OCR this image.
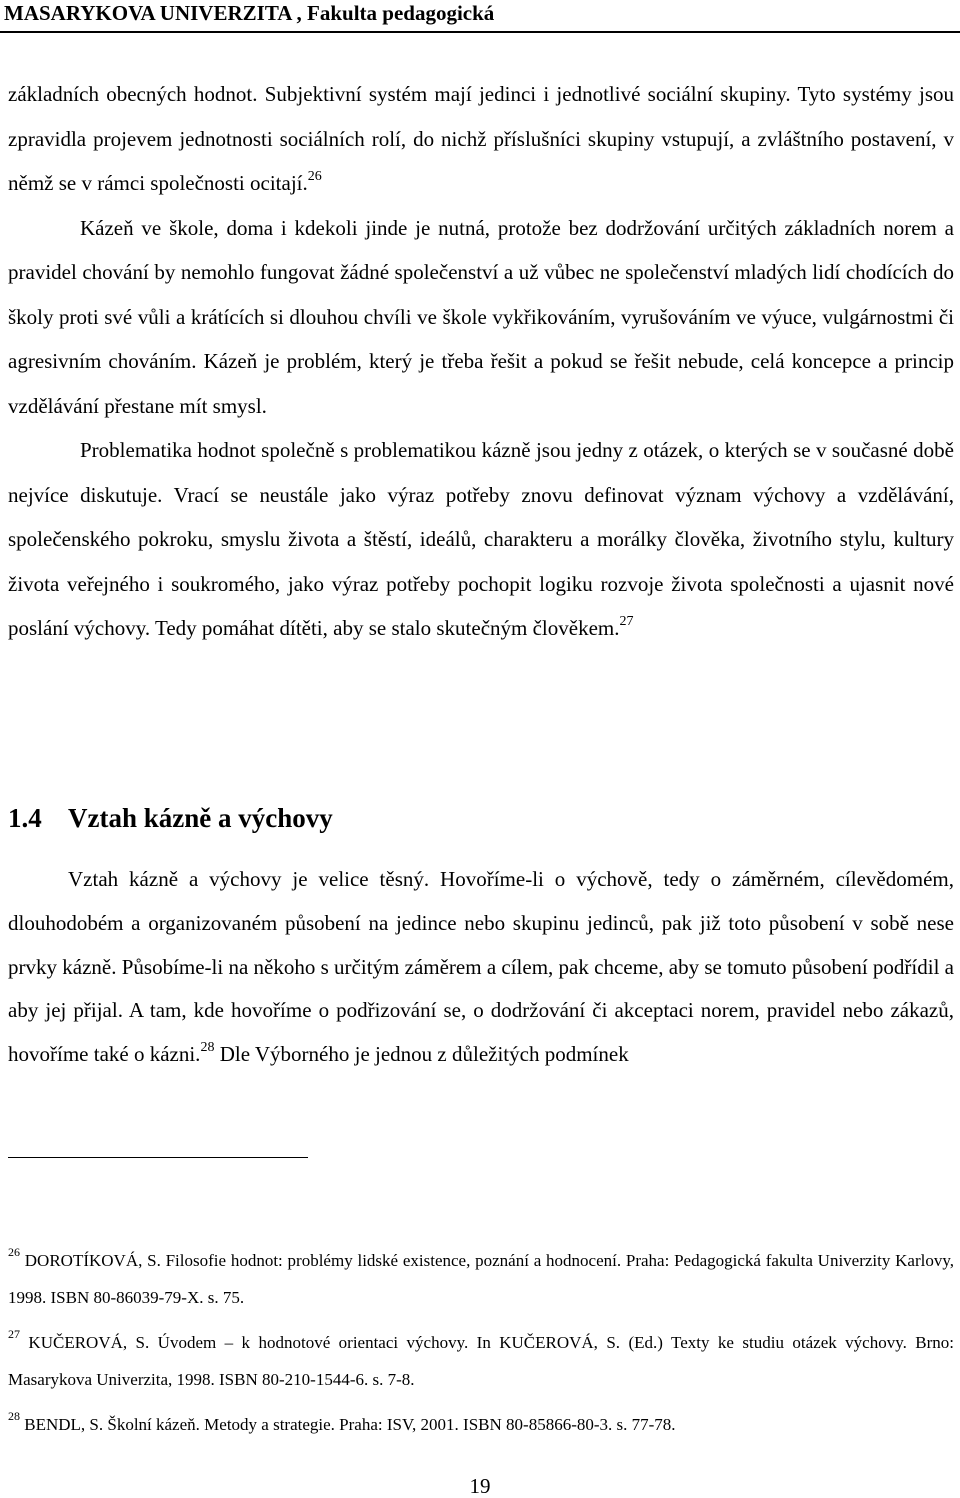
MASARYKOVA UNIVERZITA , Fakulta pedagogická

základních obecných hodnot. Subjektivní systém mají jedinci i jednotlivé sociální skupiny. Tyto systémy jsou zpravidla projevem jednotnosti sociálních rolí, do nichž příslušníci skupiny vstupují, a zvláštního postavení, v němž se v rámci společnosti ocitají.$^{26}$

Kázeň ve škole, doma i kdekoli jinde je nutná, protože bez dodržování určitých základních norem a pravidel chování by nemohlo fungovat žádné společenství a už vůbec ne společenství mladých lidí chodících do školy proti své vůli a krátících si dlouhou chvíli ve škole vykřikováním, vyrušováním ve výuce, vulgárnostmi či agresivním chováním. Kázeň je problém, který je třeba řešit a pokud se řešit nebude, celá koncepce a princip vzdělávání přestane mít smysl.

Problematika hodnot společně s problematikou kázně jsou jedny z otázek, o kterých se v současné době nejvíce diskutuje. Vrací se neustále jako výraz potřeby znovu definovat význam výchovy a vzdělávání, společenského pokroku, smyslu života a štěstí, ideálů, charakteru a morálky člověka, životního stylu, kultury života veřejného i soukromého, jako výraz potřeby pochopit logiku rozvoje života společnosti a ujasnit nové poslání výchovy. Tedy pomáhat dítěti, aby se stalo skutečným člověkem.$^{27}$

1.4 Vztah kázně a výchovy

Vztah kázně a výchovy je velice těsný. Hovoříme-li o výchově, tedy o záměrném, cílevědomém, dlouhodobém a organizovaném působení na jedince nebo skupinu jedinců, pak již toto působení v sobě nese prvky kázně. Působíme-li na někoho s určitým záměrem a cílem, pak chceme, aby se tomuto působení podřídil a aby jej přijal. A tam, kde hovoříme o podřizování se, o dodržování či akceptaci norem, pravidel nebo zákazů, hovoříme také o kázni.$^{28}$ Dle Výborného je jednou z důležitých podmínek

$^{26}$ DOROTÍKOVÁ, S. Filosofie hodnot: problémy lidské existence, poznání a hodnocení. Praha: Pedagogická fakulta Univerzity Karlovy, 1998. ISBN 80-86039-79-X. s. 75.

$^{27}$ KUČEROVÁ, S. Úvodem – k hodnotové orientaci výchovy. In KUČEROVÁ, S. (Ed.) Texty ke studiu otázek výchovy. Brno: Masarykova Univerzita, 1998. ISBN 80-210-1544-6. s. 7-8.

$^{28}$ BENDL, S. Školní kázeň. Metody a strategie. Praha: ISV, 2001. ISBN 80-85866-80-3. s. 77-78.

19
